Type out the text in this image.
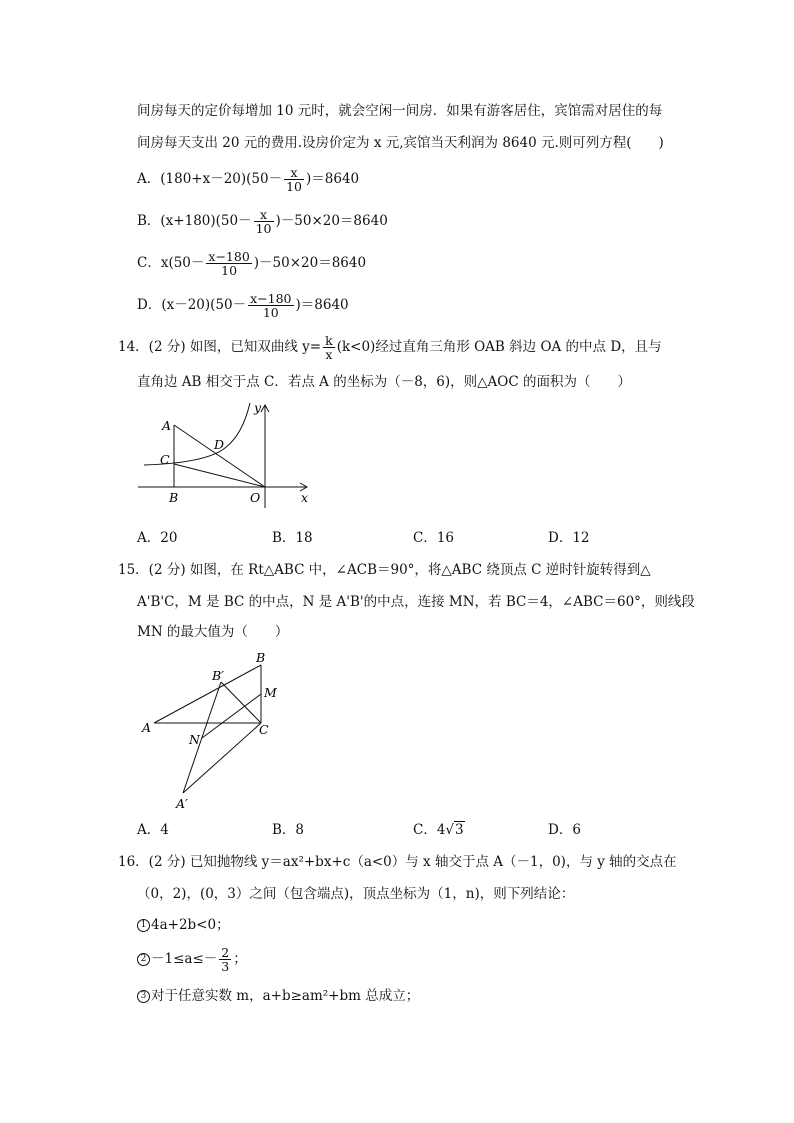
间房每天的定价每增加 10 元时，就会空闲一间房．如果有游客居住，宾馆需对居住的每
间房每天支出 20 元的费用.设房价定为 x 元,宾馆当天利润为 8640 元.则可列方程(　　)
A．$(180+x-20)(50- \frac{x}{10} )=8640$
B．$(x+180)(50- \frac{x}{10} )-50\times 20=8640$
C．$x(50- \frac{x-180}{10} )-50\times 20=8640$
D．$(x-20)(50- \frac{x-180}{10} )=8640$
14．(2 分) 如图，已知双曲线 $y= \frac{k}{x} (k<0)$经过直角三角形 OAB 斜边 OA 的中点 D，且与
直角边 AB 相交于点 C．若点 A 的坐标为（－8，6)，则△AOC 的面积为（　　）
A
C
D
B	O	x
y
A．20	B．18	C．16	D．12
15．(2 分) 如图，在 Rt△ABC 中，∠ACB＝90°，将△ABC 绕顶点 C 逆时针旋转得到△
A'B'C，M 是 BC 的中点，N 是 A'B'的中点，连接 MN，若 BC＝4，∠ABC＝60°，则线段
MN 的最大值为（　　）
B
B′
M
A	C
N
A′
A．4	B．8	C．4√3	D．6
16．(2 分) 已知抛物线 y＝ax²+bx+c（a<0）与 x 轴交于点 A（－1，0)，与 y 轴的交点在
（0，2)，(0，3）之间（包含端点)，顶点坐标为（1，n)，则下列结论：
1 4a+2b<0；
$2 -1\le a\le- \frac{2}{3}$ ；
3 对于任意实数 m，a+b≥am²+bm 总成立；
